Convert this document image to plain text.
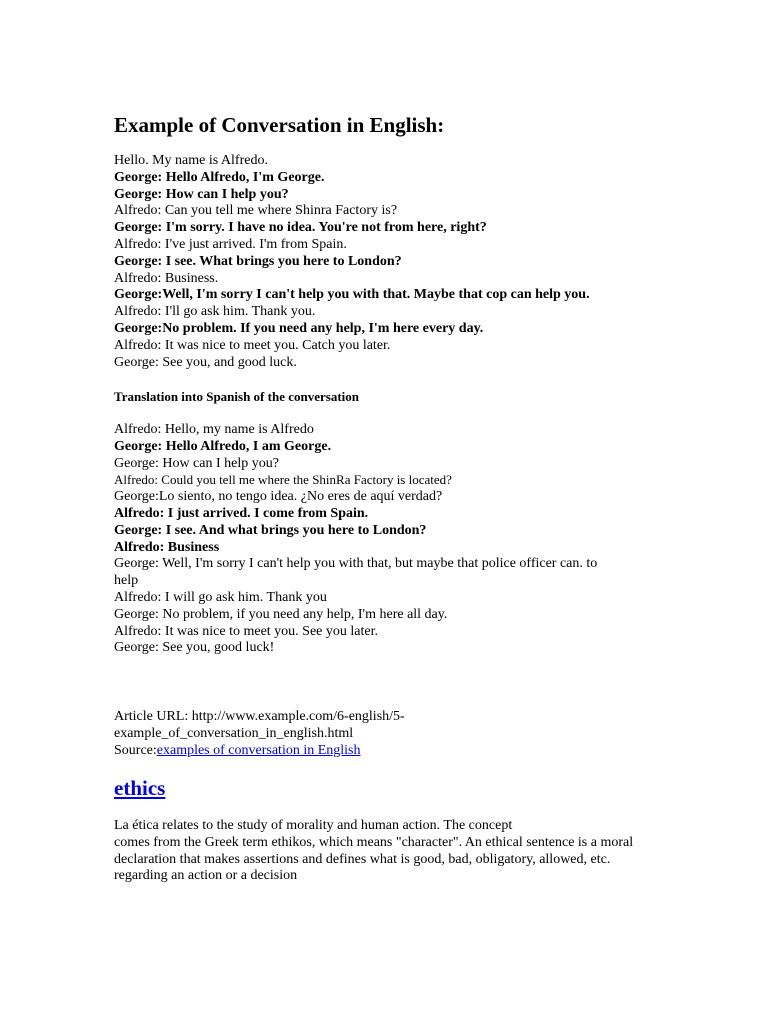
Example of Conversation in English:
Hello. My name is Alfredo.
George: Hello Alfredo, I'm George.
George: How can I help you?
Alfredo: Can you tell me where Shinra Factory is?
George: I'm sorry. I have no idea. You're not from here, right?
Alfredo: I've just arrived. I'm from Spain.
George: I see. What brings you here to London?
Alfredo: Business.
George:Well, I'm sorry I can't help you with that. Maybe that cop can help you.
Alfredo: I'll go ask him. Thank you.
George:No problem. If you need any help, I'm here every day.
Alfredo: It was nice to meet you. Catch you later.
George: See you, and good luck.
Translation into Spanish of the conversation
Alfredo: Hello, my name is Alfredo
George: Hello Alfredo, I am George.
George: How can I help you?
Alfredo: Could you tell me where the ShinRa Factory is located?
George:Lo siento, no tengo idea. ¿No eres de aquí verdad?
Alfredo: I just arrived. I come from Spain.
George: I see. And what brings you here to London?
Alfredo: Business
George: Well, I'm sorry I can't help you with that, but maybe that police officer can. to help
Alfredo: I will go ask him. Thank you
George: No problem, if you need any help, I'm here all day.
Alfredo: It was nice to meet you. See you later.
George: See you, good luck!
Article URL: http://www.example.com/6-english/5-example_of_conversation_in_english.html
Source:examples of conversation in English
ethics
La ética relates to the study of morality and human action. The concept
comes from the Greek term ethikos, which means "character". An ethical sentence is a moral declaration that makes assertions and defines what is good, bad, obligatory, allowed, etc. regarding an action or a decision
